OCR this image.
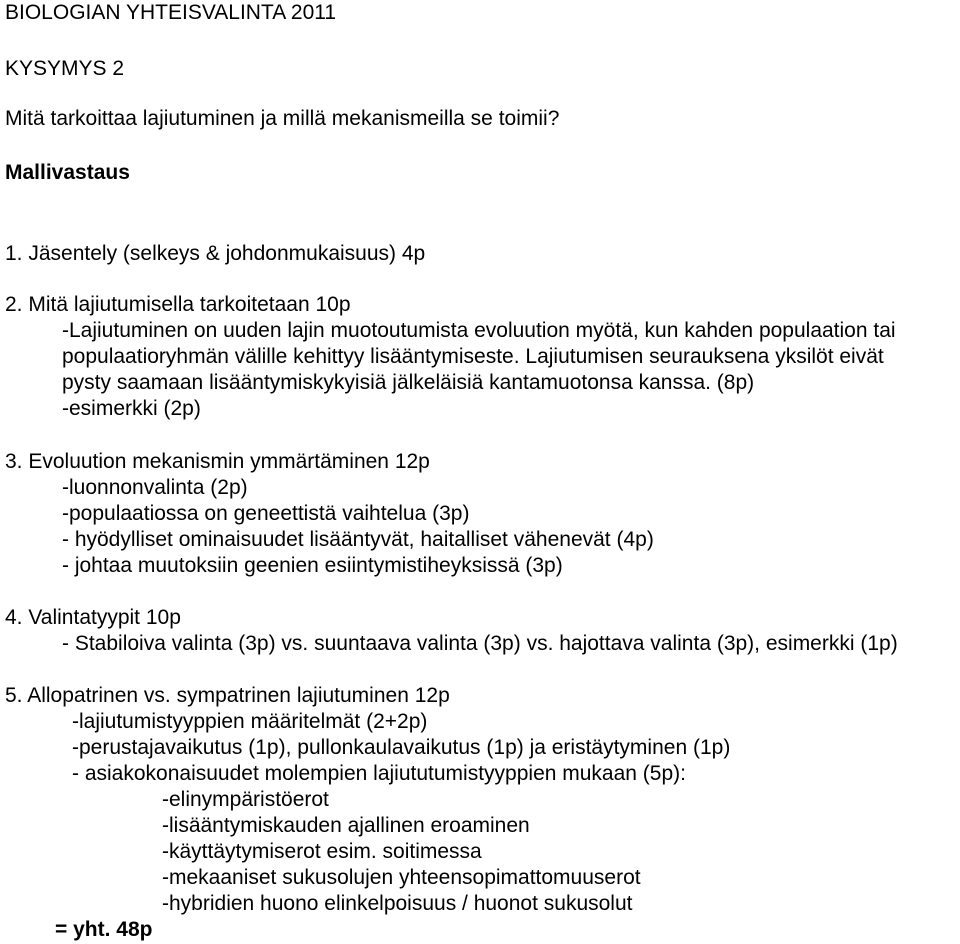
BIOLOGIAN YHTEISVALINTA 2011
KYSYMYS 2
Mitä tarkoittaa lajiutuminen ja millä mekanismeilla se toimii?
Mallivastaus
1. Jäsentely (selkeys & johdonmukaisuus) 4p
2. Mitä lajiutumisella tarkoitetaan 10p
-Lajiutuminen on uuden lajin muotoutumista evoluution myötä, kun kahden populaation tai
populaatioryhmän välille kehittyy lisääntymiseste. Lajiutumisen seurauksena yksilöt eivät
pysty saamaan lisääntymiskykyisiä jälkeläisiä kantamuotonsa kanssa. (8p)
-esimerkki (2p)
3. Evoluution mekanismin ymmärtäminen 12p
-luonnonvalinta (2p)
-populaatiossa on geneettistä vaihtelua (3p)
- hyödylliset ominaisuudet lisääntyvät, haitalliset vähenevät (4p)
- johtaa muutoksiin geenien esiintymistiheyksissä (3p)
4. Valintatyypit 10p
- Stabiloiva valinta (3p) vs. suuntaava valinta (3p) vs. hajottava valinta (3p), esimerkki (1p)
5. Allopatrinen vs. sympatrinen lajiutuminen 12p
-lajiutumistyyppien määritelmät (2+2p)
-perustajavaikutus (1p), pullonkaulavaikutus (1p) ja eristäytyminen (1p)
- asiakokonaisuudet molempien lajiututumistyyppien mukaan (5p):
-elinympäristöerot
-lisääntymiskauden ajallinen eroaminen
-käyttäytymiserot esim. soitimessa
-mekaaniset sukusolujen yhteensopimattomuuserot
-hybridien huono elinkelpoisuus / huonot sukusolut
= yht. 48p
